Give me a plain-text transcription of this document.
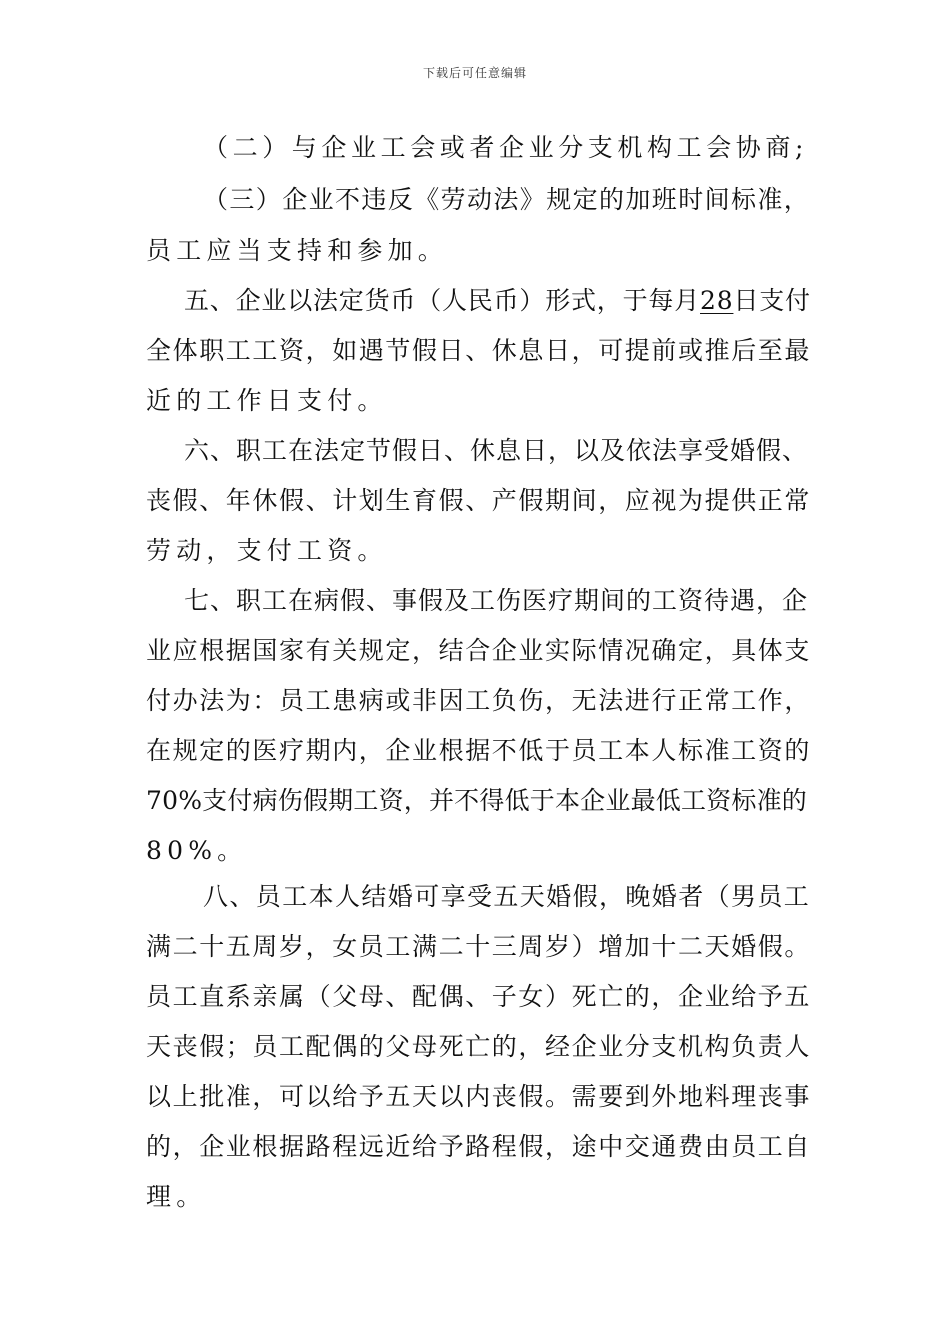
下载后可任意编辑
（二）与企业工会或者企业分支机构工会协商;
（三）企业不违反《劳动法》规定的加班时间标准，
员工应当支持和参加。
五、企业以法定货币（人民币）形式，于每月28日支付
全体职工工资，如遇节假日、休息日，可提前或推后至最
近的工作日支付。
六、职工在法定节假日、休息日，以及依法享受婚假、
丧假、年休假、计划生育假、产假期间，应视为提供正常
劳动，支付工资。
七、职工在病假、事假及工伤医疗期间的工资待遇，企
业应根据国家有关规定，结合企业实际情况确定，具体支
付办法为：员工患病或非因工负伤，无法进行正常工作，
在规定的医疗期内，企业根据不低于员工本人标准工资的
70%支付病伤假期工资，并不得低于本企业最低工资标准的
80%。
八、员工本人结婚可享受五天婚假，晚婚者（男员工
满二十五周岁，女员工满二十三周岁）增加十二天婚假。
员工直系亲属（父母、配偶、子女）死亡的，企业给予五
天丧假；员工配偶的父母死亡的，经企业分支机构负责人
以上批准，可以给予五天以内丧假。需要到外地料理丧事
的，企业根据路程远近给予路程假，途中交通费由员工自
理。
